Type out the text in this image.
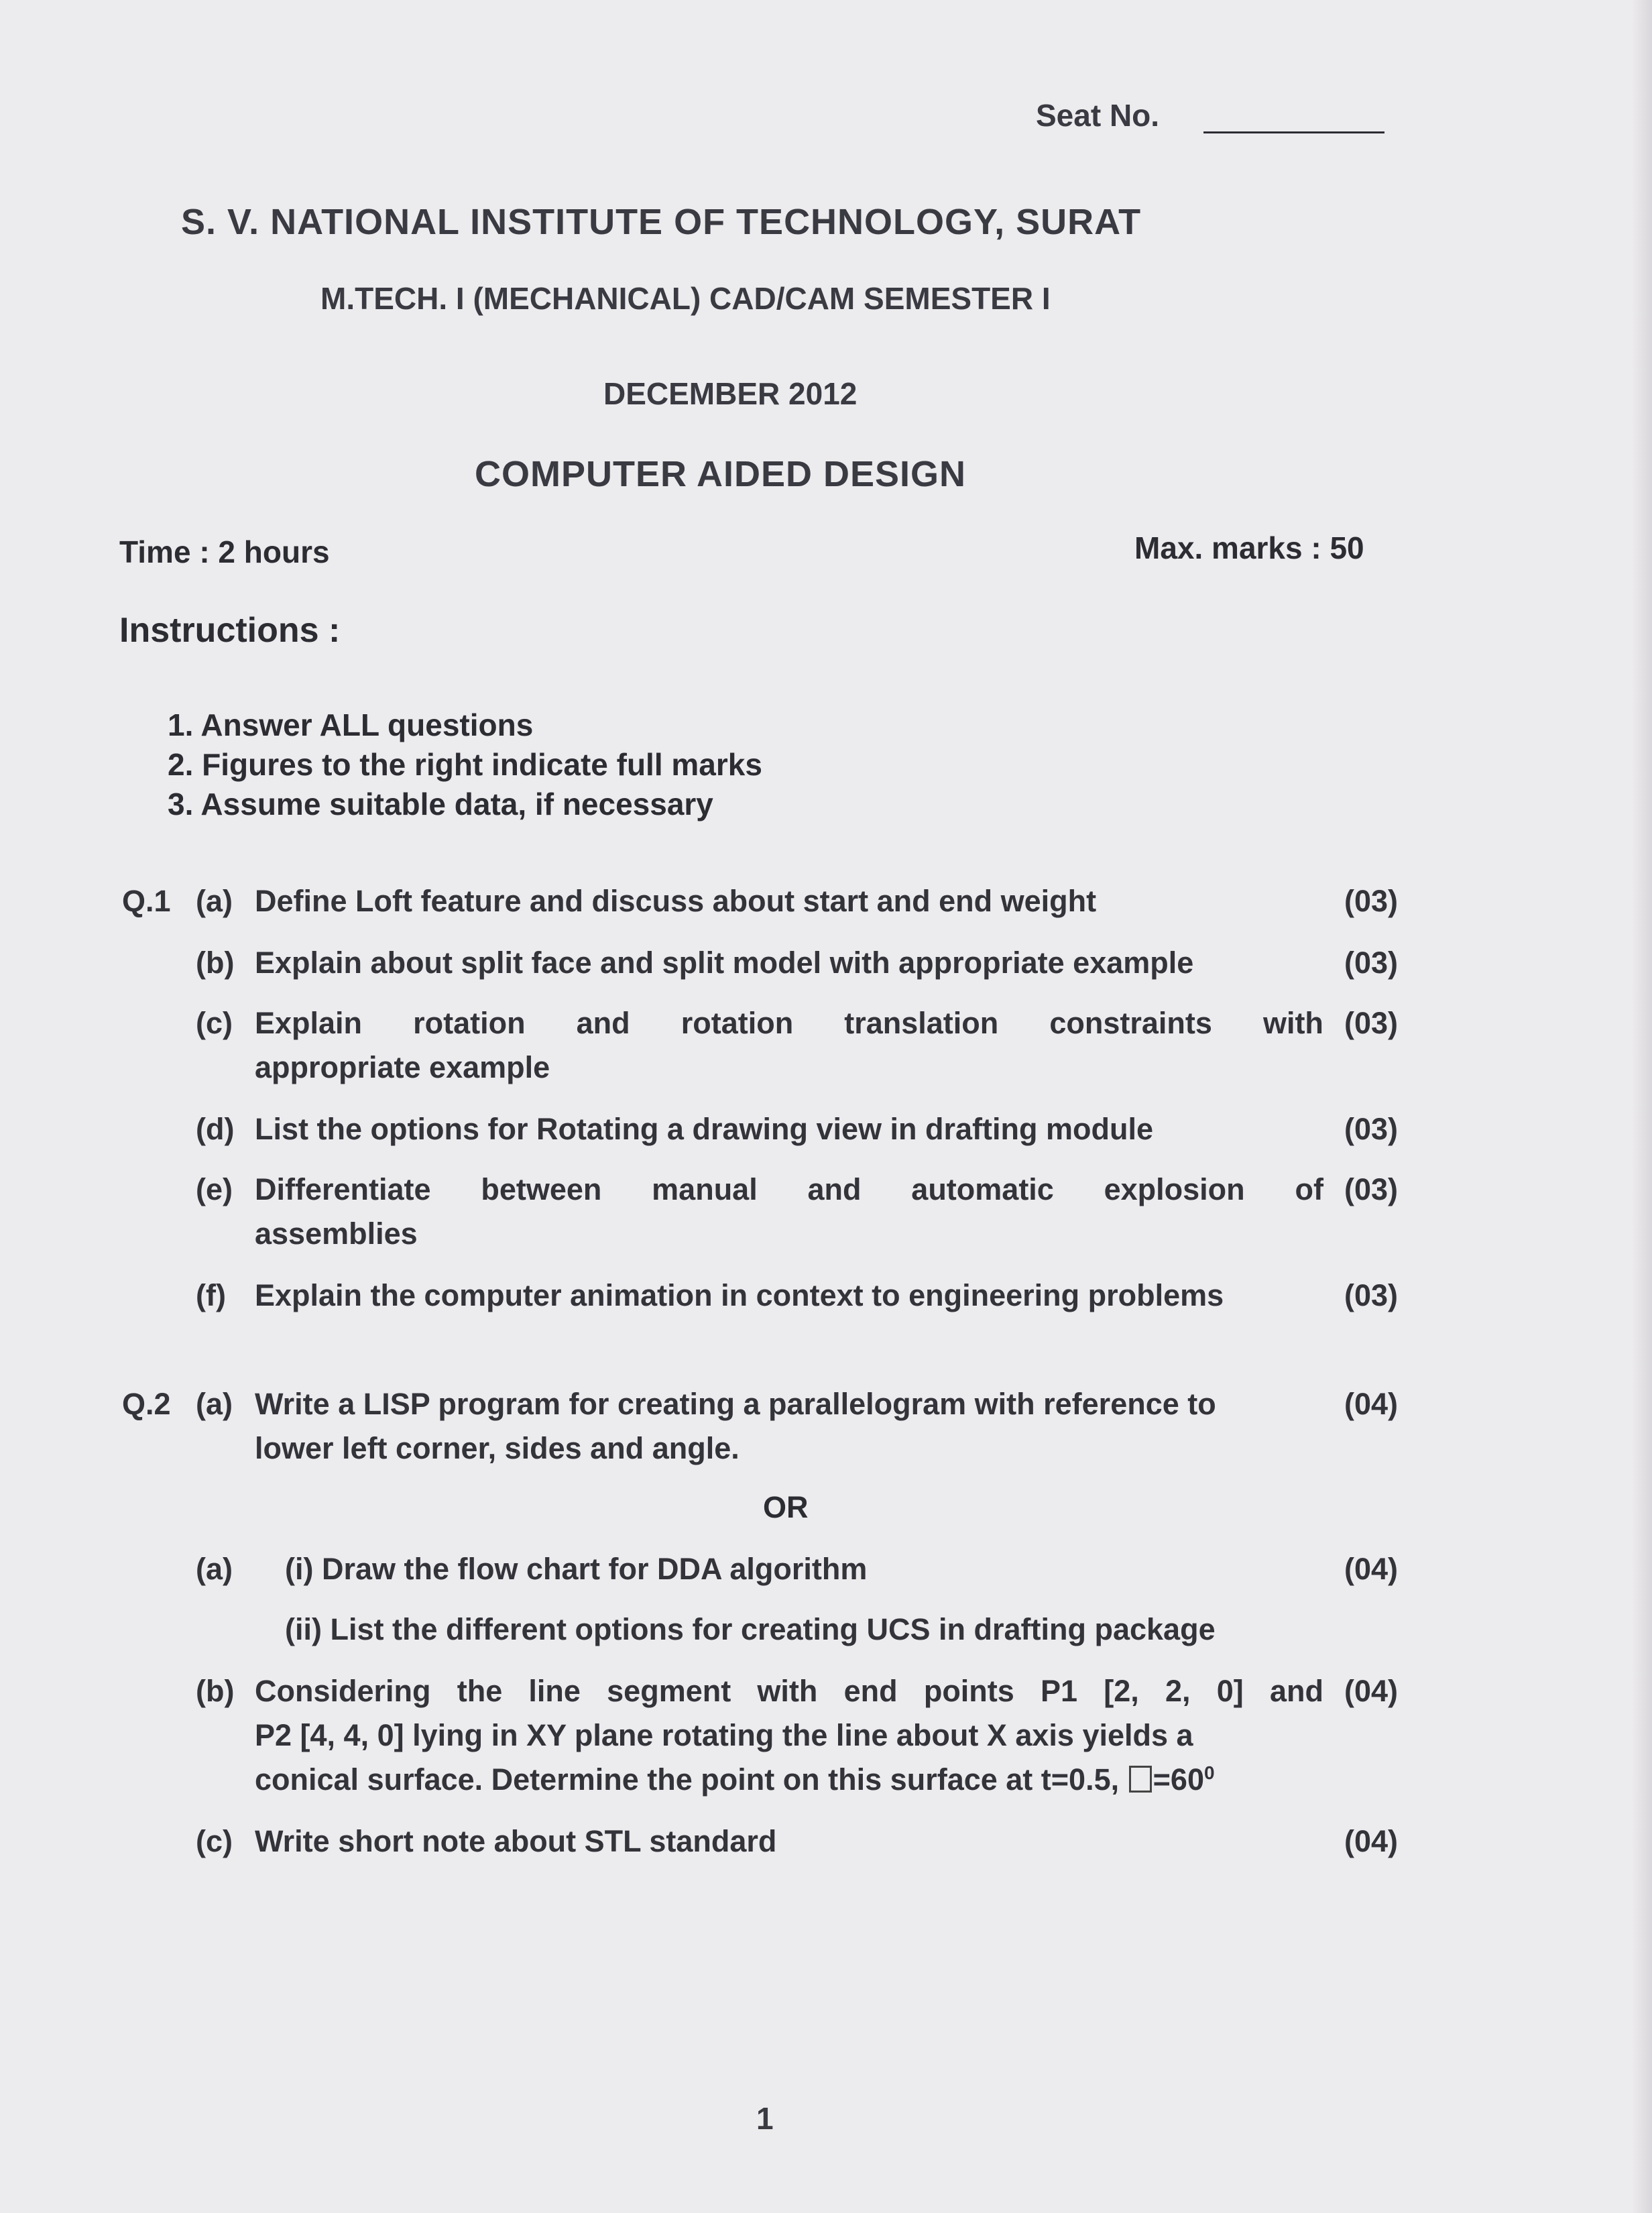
Seat No.
S. V. NATIONAL INSTITUTE OF TECHNOLOGY, SURAT
M.TECH. I (MECHANICAL) CAD/CAM SEMESTER I
DECEMBER 2012
COMPUTER AIDED DESIGN
Time : 2 hours	Max. marks : 50
Instructions :
1. Answer ALL questions
2. Figures to the right indicate full marks
3. Assume suitable data, if necessary
Q.1 (a) Define Loft feature and discuss about start and end weight	(03)
(b) Explain about split face and split model with appropriate example	(03)
(c) Explain rotation and rotation translation constraints with (03)
appropriate example
(d) List the options for Rotating a drawing view in drafting module	(03)
(e) Differentiate between manual and automatic explosion of (03)
assemblies
(f) Explain the computer animation in context to engineering problems	(03)
Q.2 (a) Write a LISP program for creating a parallelogram with reference to	(04)
lower left corner, sides and angle.
OR
(a) (i) Draw the flow chart for DDA algorithm	(04)
(ii) List the different options for creating UCS in drafting package
(b) Considering the line segment with end points P1 [2, 2, 0] and (04)
P2 [4, 4, 0] lying in XY plane rotating the line about X axis yields a
conical surface. Determine the point on this surface at t=0.5, $=60^0$
(c) Write short note about STL standard	(04)
1
